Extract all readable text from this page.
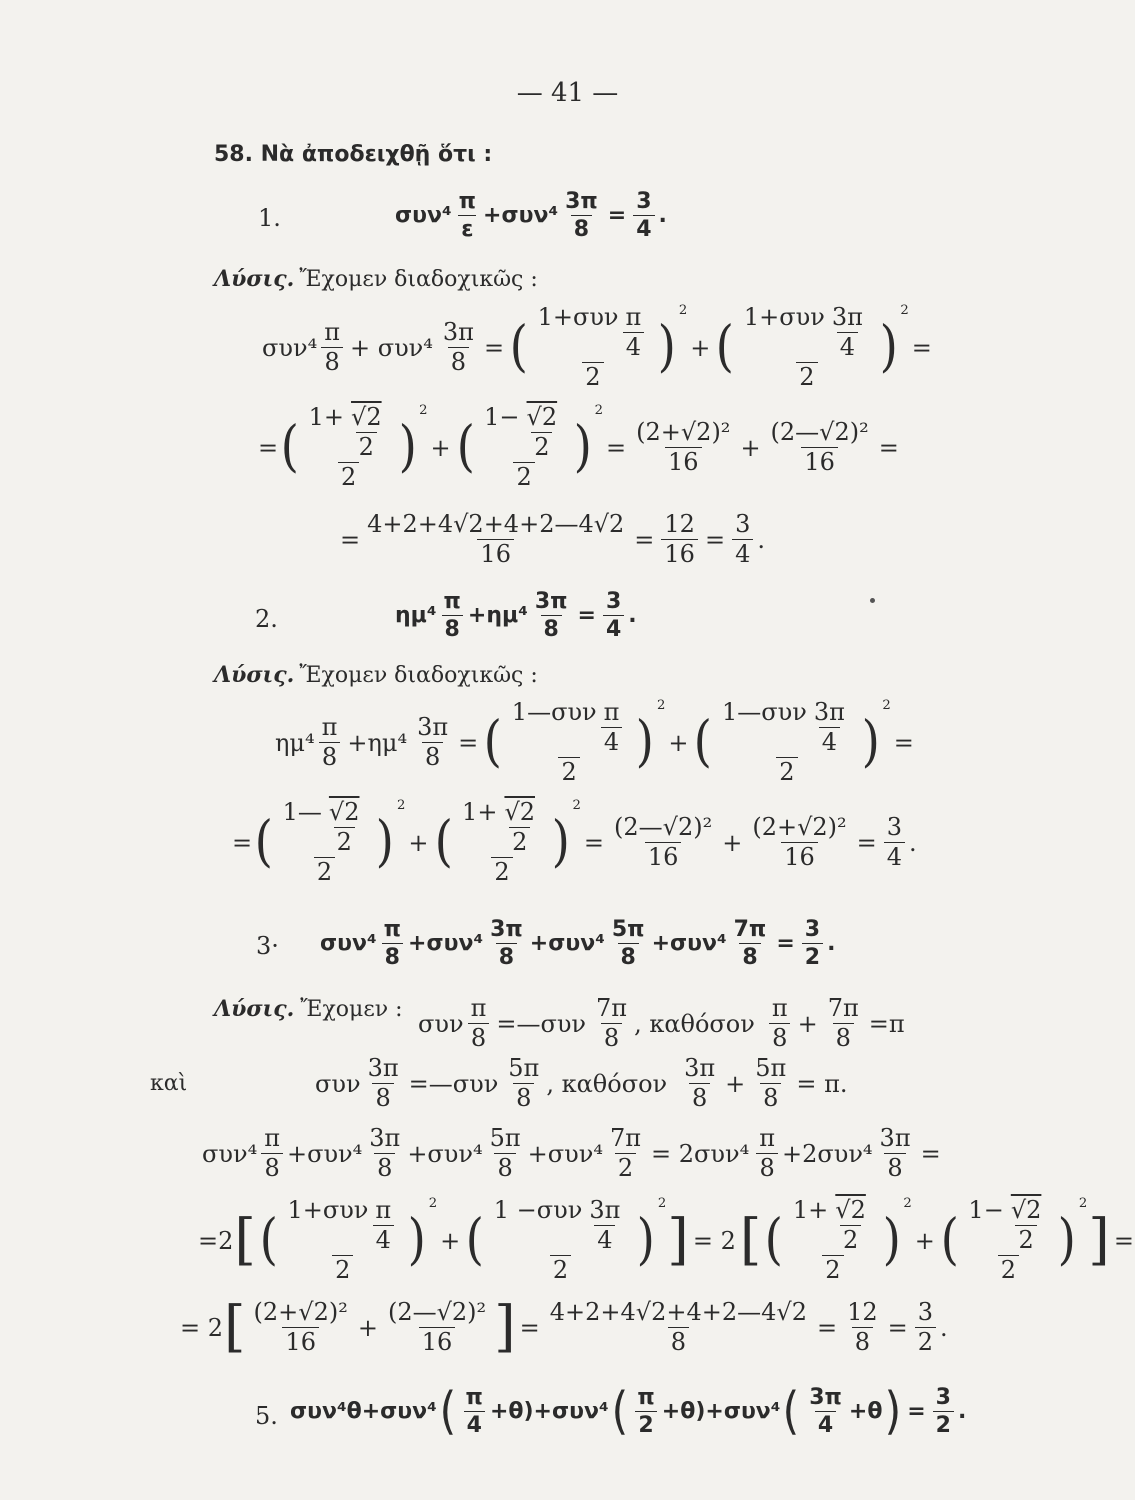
— 41 —
58. Νὰ ἀποδειχθῇ ὅτι :
1.	$\sigma\upsilon\nu^4 \frac{\pi}{\varepsilon} +\sigma\upsilon\nu^4 \frac{3\pi}{8} = \frac{3}{4}$ .
Λύσις. Ἔχομεν διαδοχικῶς :
$\sigma\upsilon\nu^4 \frac{\pi}{8} + \sigma\upsilon\nu^4 \frac{3\pi}{8}$ = ( $\frac{1+\sigma\upsilon\nu \frac{\pi}{4}}{2}$ )
2
+ ( $\frac{1+\sigma\upsilon\nu \frac{3\pi}{4}}{2}$ )
2
=
= ( $\frac{1+ \frac{√2}{2}}{2}$ )
2
+ ( $\frac{1- \frac{√2}{2}}{2}$ )
2
= $\frac{\text{(2+√2)²}}{16} + \frac{\text{(2—√2)²}}{16}$ =
= $\frac{4+2+4√2+4+2—4√2}{16} = \frac{12}{16} = \frac{3}{4}$ .
2.	$\eta\mu^4 \frac{\pi}{8} +\eta\mu^4 \frac{3\pi}{8} = \frac{3}{4}$ .
Λύσις. Ἔχομεν διαδοχικῶς :
$\eta\mu^4 \frac{\pi}{8} +\eta\mu^4 \frac{3\pi}{8}$ = ( $\frac{1—\sigma\upsilon\nu \frac{\pi}{4}}{2}$ )
2
+ ( $\frac{1—\sigma\upsilon\nu \frac{3\pi}{4}}{2}$ )
2
=
= ( $\frac{1— \frac{√2}{2}}{2}$ )
2
+ ( $\frac{1+ \frac{√2}{2}}{2}$ )
2
= $\frac{\text{(2—√2)²}}{16} + \frac{\text{(2+√2)²}}{16} = \frac{3}{4}$ .
$3\cdot \sigma\upsilon\nu^4 \frac{\pi}{8} +\sigma\upsilon\nu^4 \frac{3\pi}{8} +\sigma\upsilon\nu^4 \frac{5\pi}{8} +\sigma\upsilon\nu^4 \frac{7\pi}{8} = \frac{3}{2}$ .
Λύσις. Ἔχομεν :
συν $\frac{\pi}{8}$ =—συν $\frac{7\pi}{8}$ , καθόσον $\frac{\pi}{8} + \frac{7\pi}{8} =\pi$
καὶ	συν $\frac{3\pi}{8}$ =—συν $\frac{5\pi}{8}$ , καθόσον $\frac{3\pi}{8} + \frac{5\pi}{8} = \pi$.
$\sigma\upsilon\nu^4 \frac{\pi}{8} +\sigma\upsilon\nu^4 \frac{3\pi}{8} +\sigma\upsilon\nu^4 \frac{5\pi}{8} +\sigma\upsilon\nu^4 \frac{7\pi}{2} = 2\sigma\upsilon\nu^4 \frac{\pi}{8} +2\sigma\upsilon\nu^4 \frac{3\pi}{8}$ =
=2 [ ( $\frac{1+\sigma\upsilon\nu \frac{\pi}{4}}{2}$ )
2
+ ( $\frac{1 -\sigma\upsilon\nu \frac{3\pi}{4}}{2}$ )
2
] = 2 [ ( $\frac{1+ \frac{√2}{2}}{2}$ )
2
+ ( $\frac{1- \frac{√2}{2}}{2}$ )
2
] =
= 2 [ $\frac{\text{(2+√2)²}}{16} + \frac{\text{(2—√2)²}}{16}$ ] = $\frac{4+2+4√2+4+2—4√2}{8} = \frac{12}{8} = \frac{3}{2}$ .
5. συν⁴θ+συν⁴ ( $\frac{\pi}{4} +\theta$ )+συν⁴ ( $\frac{\pi}{2} +\theta$ )+συν⁴ ( $\frac{3\pi}{4} +\theta$ ) = $\frac{3}{2}$ .
